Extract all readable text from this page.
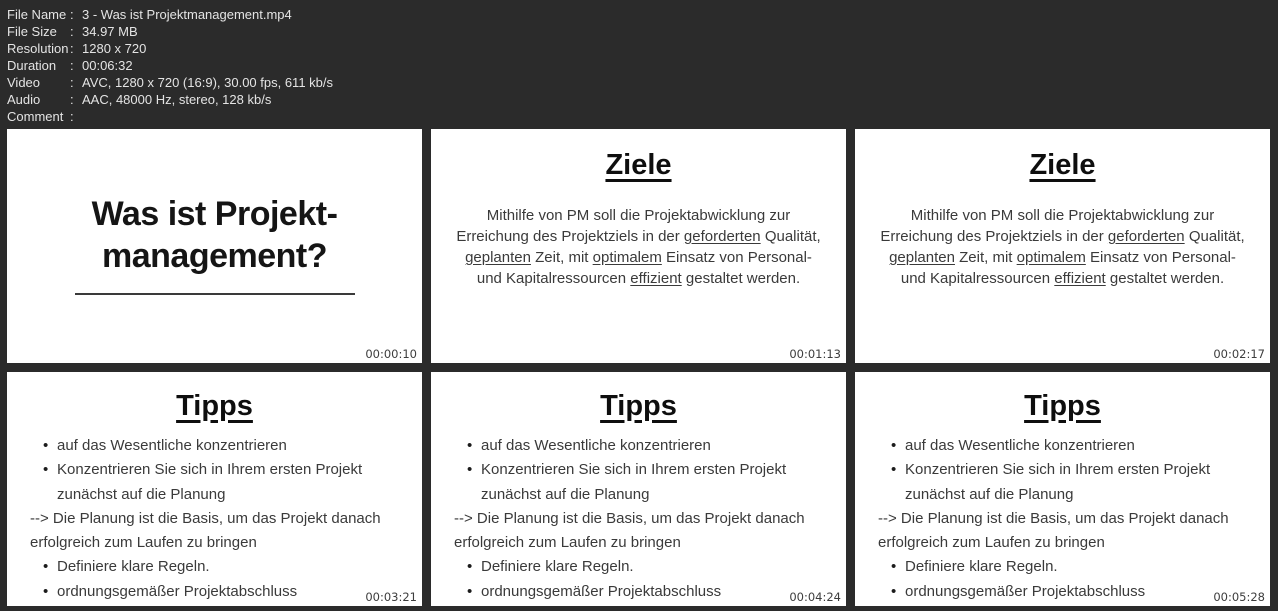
File Name : 3 - Was ist Projektmanagement.mp4
File Size	: 34.97 MB
Resolution : 1280 x 720
Duration	: 00:06:32
Video	: AVC, 1280 x 720 (16:9), 30.00 fps, 611 kb/s
Audio	: AAC, 48000 Hz, stereo, 128 kb/s
Comment :
Was ist Projekt-
management?
00:00:10
Ziele

Mithilfe von PM soll die Projektabwicklung zur Erreichung des Projektziels in der geforderten Qualität, geplanten Zeit, mit optimalem Einsatz von Personal- und Kapitalressourcen effizient gestaltet werden.

00:01:13
Ziele

Mithilfe von PM soll die Projektabwicklung zur Erreichung des Projektziels in der geforderten Qualität, geplanten Zeit, mit optimalem Einsatz von Personal- und Kapitalressourcen effizient gestaltet werden.

00:02:17
Tipps
• auf das Wesentliche konzentrieren
• Konzentrieren Sie sich in Ihrem ersten Projekt
zunächst auf die Planung
--> Die Planung ist die Basis, um das Projekt danach
erfolgreich zum Laufen zu bringen
• Definiere klare Regeln.
• ordnungsgemäßer Projektabschluss	00:03:21
Tipps
• auf das Wesentliche konzentrieren
• Konzentrieren Sie sich in Ihrem ersten Projekt
zunächst auf die Planung
--> Die Planung ist die Basis, um das Projekt danach
erfolgreich zum Laufen zu bringen
• Definiere klare Regeln.
• ordnungsgemäßer Projektabschluss	00:04:24
Tipps
• auf das Wesentliche konzentrieren
• Konzentrieren Sie sich in Ihrem ersten Projekt
zunächst auf die Planung
--> Die Planung ist die Basis, um das Projekt danach
erfolgreich zum Laufen zu bringen
• Definiere klare Regeln.
• ordnungsgemäßer Projektabschluss	00:05:28
